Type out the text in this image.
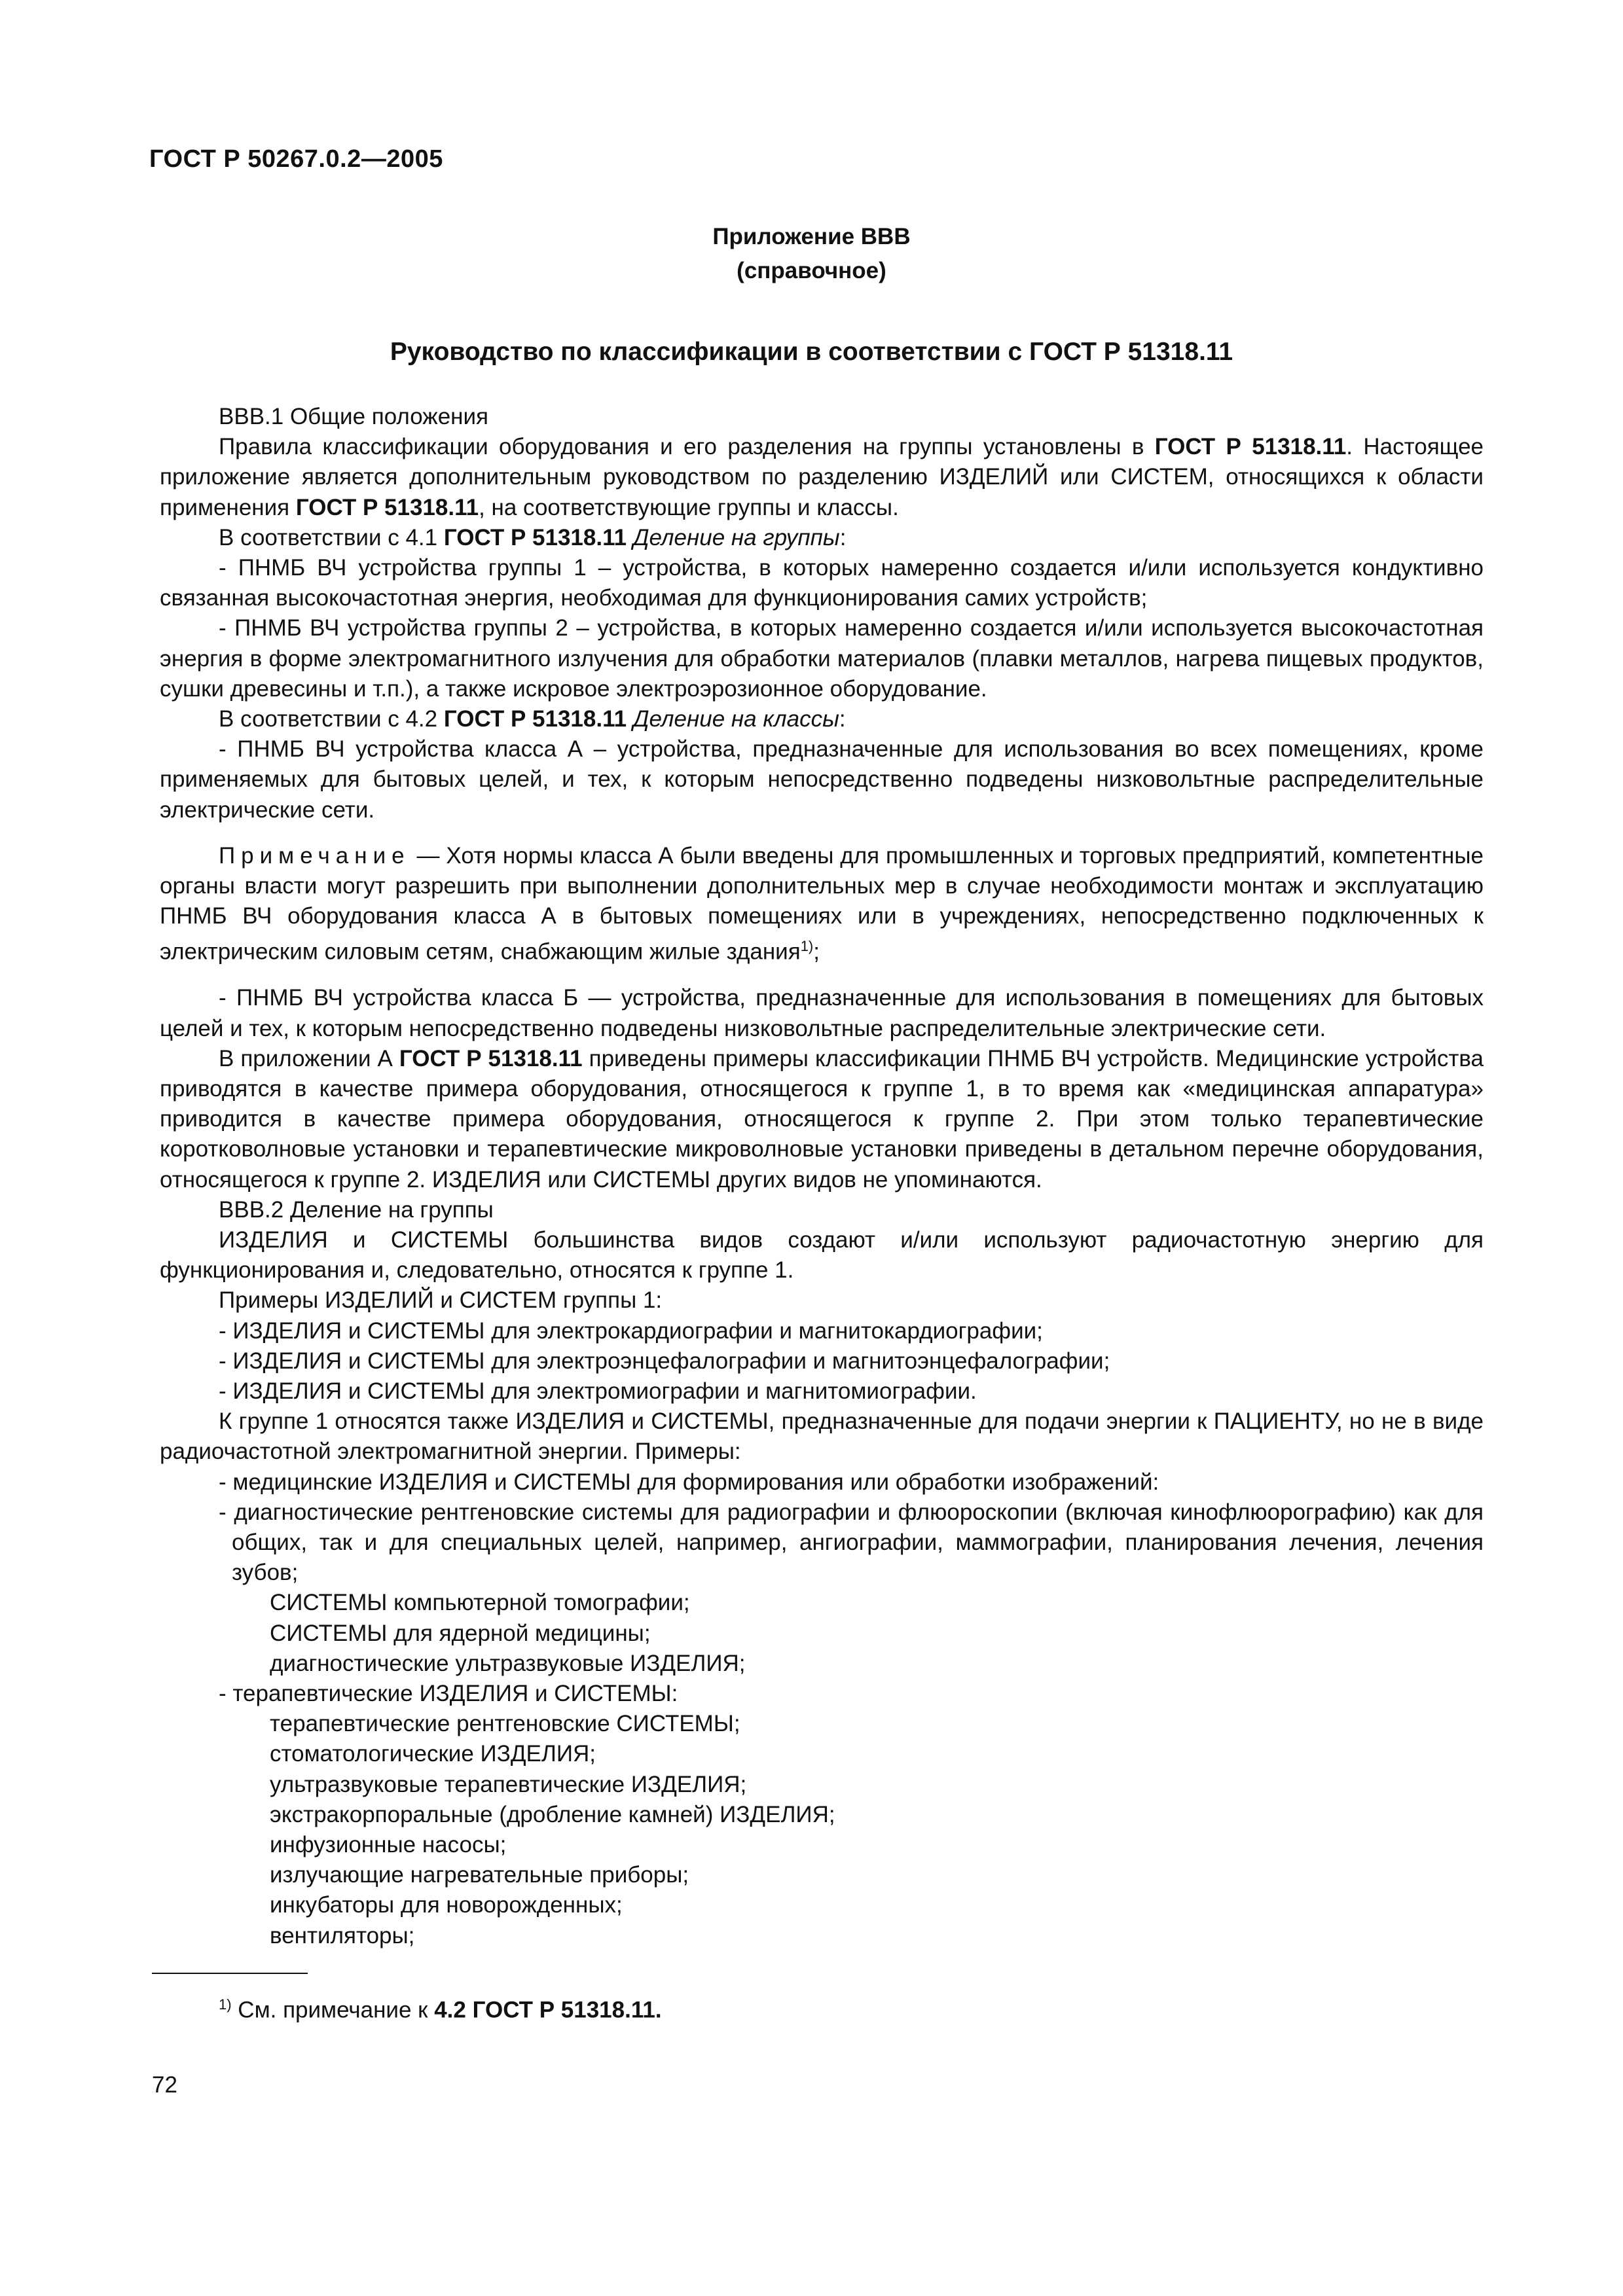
ГОСТ Р 50267.0.2—2005
Приложение ВВВ
(справочное)
Руководство по классификации в соответствии с ГОСТ Р 51318.11

ВВВ.1 Общие положения

Правила классификации оборудования и его разделения на группы установлены в ГОСТ Р 51318.11. Настоящее приложение является дополнительным руководством по разделению ИЗДЕЛИЙ или СИСТЕМ, относящихся к области применения ГОСТ Р 51318.11, на соответствующие группы и классы.

В соответствии с 4.1 ГОСТ Р 51318.11 Деление на группы:

- ПНМБ ВЧ устройства группы 1 – устройства, в которых намеренно создается и/или используется кондуктивно связанная высокочастотная энергия, необходимая для функционирования самих устройств;

- ПНМБ ВЧ устройства группы 2 – устройства, в которых намеренно создается и/или используется высокочастотная энергия в форме электромагнитного излучения для обработки материалов (плавки металлов, нагрева пищевых продуктов, сушки древесины и т.п.), а также искровое электроэрозионное оборудование.

В соответствии с 4.2 ГОСТ Р 51318.11 Деление на классы:

- ПНМБ ВЧ устройства класса А – устройства, предназначенные для использования во всех помещениях, кроме применяемых для бытовых целей, и тех, к которым непосредственно подведены низковольтные распределительные электрические сети.

Примечание — Хотя нормы класса А были введены для промышленных и торговых предприятий, компетентные органы власти могут разрешить при выполнении дополнительных мер в случае необходимости монтаж и эксплуатацию ПНМБ ВЧ оборудования класса А в бытовых помещениях или в учреждениях, непосредственно подключенных к электрическим силовым сетям, снабжающим жилые здания$^{1)}$;

- ПНМБ ВЧ устройства класса Б — устройства, предназначенные для использования в помещениях для бытовых целей и тех, к которым непосредственно подведены низковольтные распределительные электрические сети.

В приложении А ГОСТ Р 51318.11 приведены примеры классификации ПНМБ ВЧ устройств. Медицинские устройства приводятся в качестве примера оборудования, относящегося к группе 1, в то время как «медицинская аппаратура» приводится в качестве примера оборудования, относящегося к группе 2. При этом только терапевтические коротковолновые установки и терапевтические микроволновые установки приведены в детальном перечне оборудования, относящегося к группе 2. ИЗДЕЛИЯ или СИСТЕМЫ других видов не упоминаются.

ВВВ.2 Деление на группы

ИЗДЕЛИЯ и СИСТЕМЫ большинства видов создают и/или используют радиочастотную энергию для функционирования и, следовательно, относятся к группе 1.

Примеры ИЗДЕЛИЙ и СИСТЕМ группы 1:

- ИЗДЕЛИЯ и СИСТЕМЫ для электрокардиографии и магнитокардиографии;

- ИЗДЕЛИЯ и СИСТЕМЫ для электроэнцефалографии и магнитоэнцефалографии;

- ИЗДЕЛИЯ и СИСТЕМЫ для электромиографии и магнитомиографии.

К группе 1 относятся также ИЗДЕЛИЯ и СИСТЕМЫ, предназначенные для подачи энергии к ПАЦИЕНТУ, но не в виде радиочастотной электромагнитной энергии. Примеры:

- медицинские ИЗДЕЛИЯ и СИСТЕМЫ для формирования или обработки изображений:

- диагностические рентгеновские системы для радиографии и флюороскопии (включая кинофлюорографию) как для общих, так и для специальных целей, например, ангиографии, маммографии, планирования лечения, лечения зубов;

СИСТЕМЫ компьютерной томографии;

СИСТЕМЫ для ядерной медицины;

диагностические ультразвуковые ИЗДЕЛИЯ;

- терапевтические ИЗДЕЛИЯ и СИСТЕМЫ:

терапевтические рентгеновские СИСТЕМЫ;

стоматологические ИЗДЕЛИЯ;

ультразвуковые терапевтические ИЗДЕЛИЯ;

экстракорпоральные (дробление камней) ИЗДЕЛИЯ;

инфузионные насосы;

излучающие нагревательные приборы;

инкубаторы для новорожденных;

вентиляторы;

$^{1)}$ См. примечание к 4.2 ГОСТ Р 51318.11.
72
